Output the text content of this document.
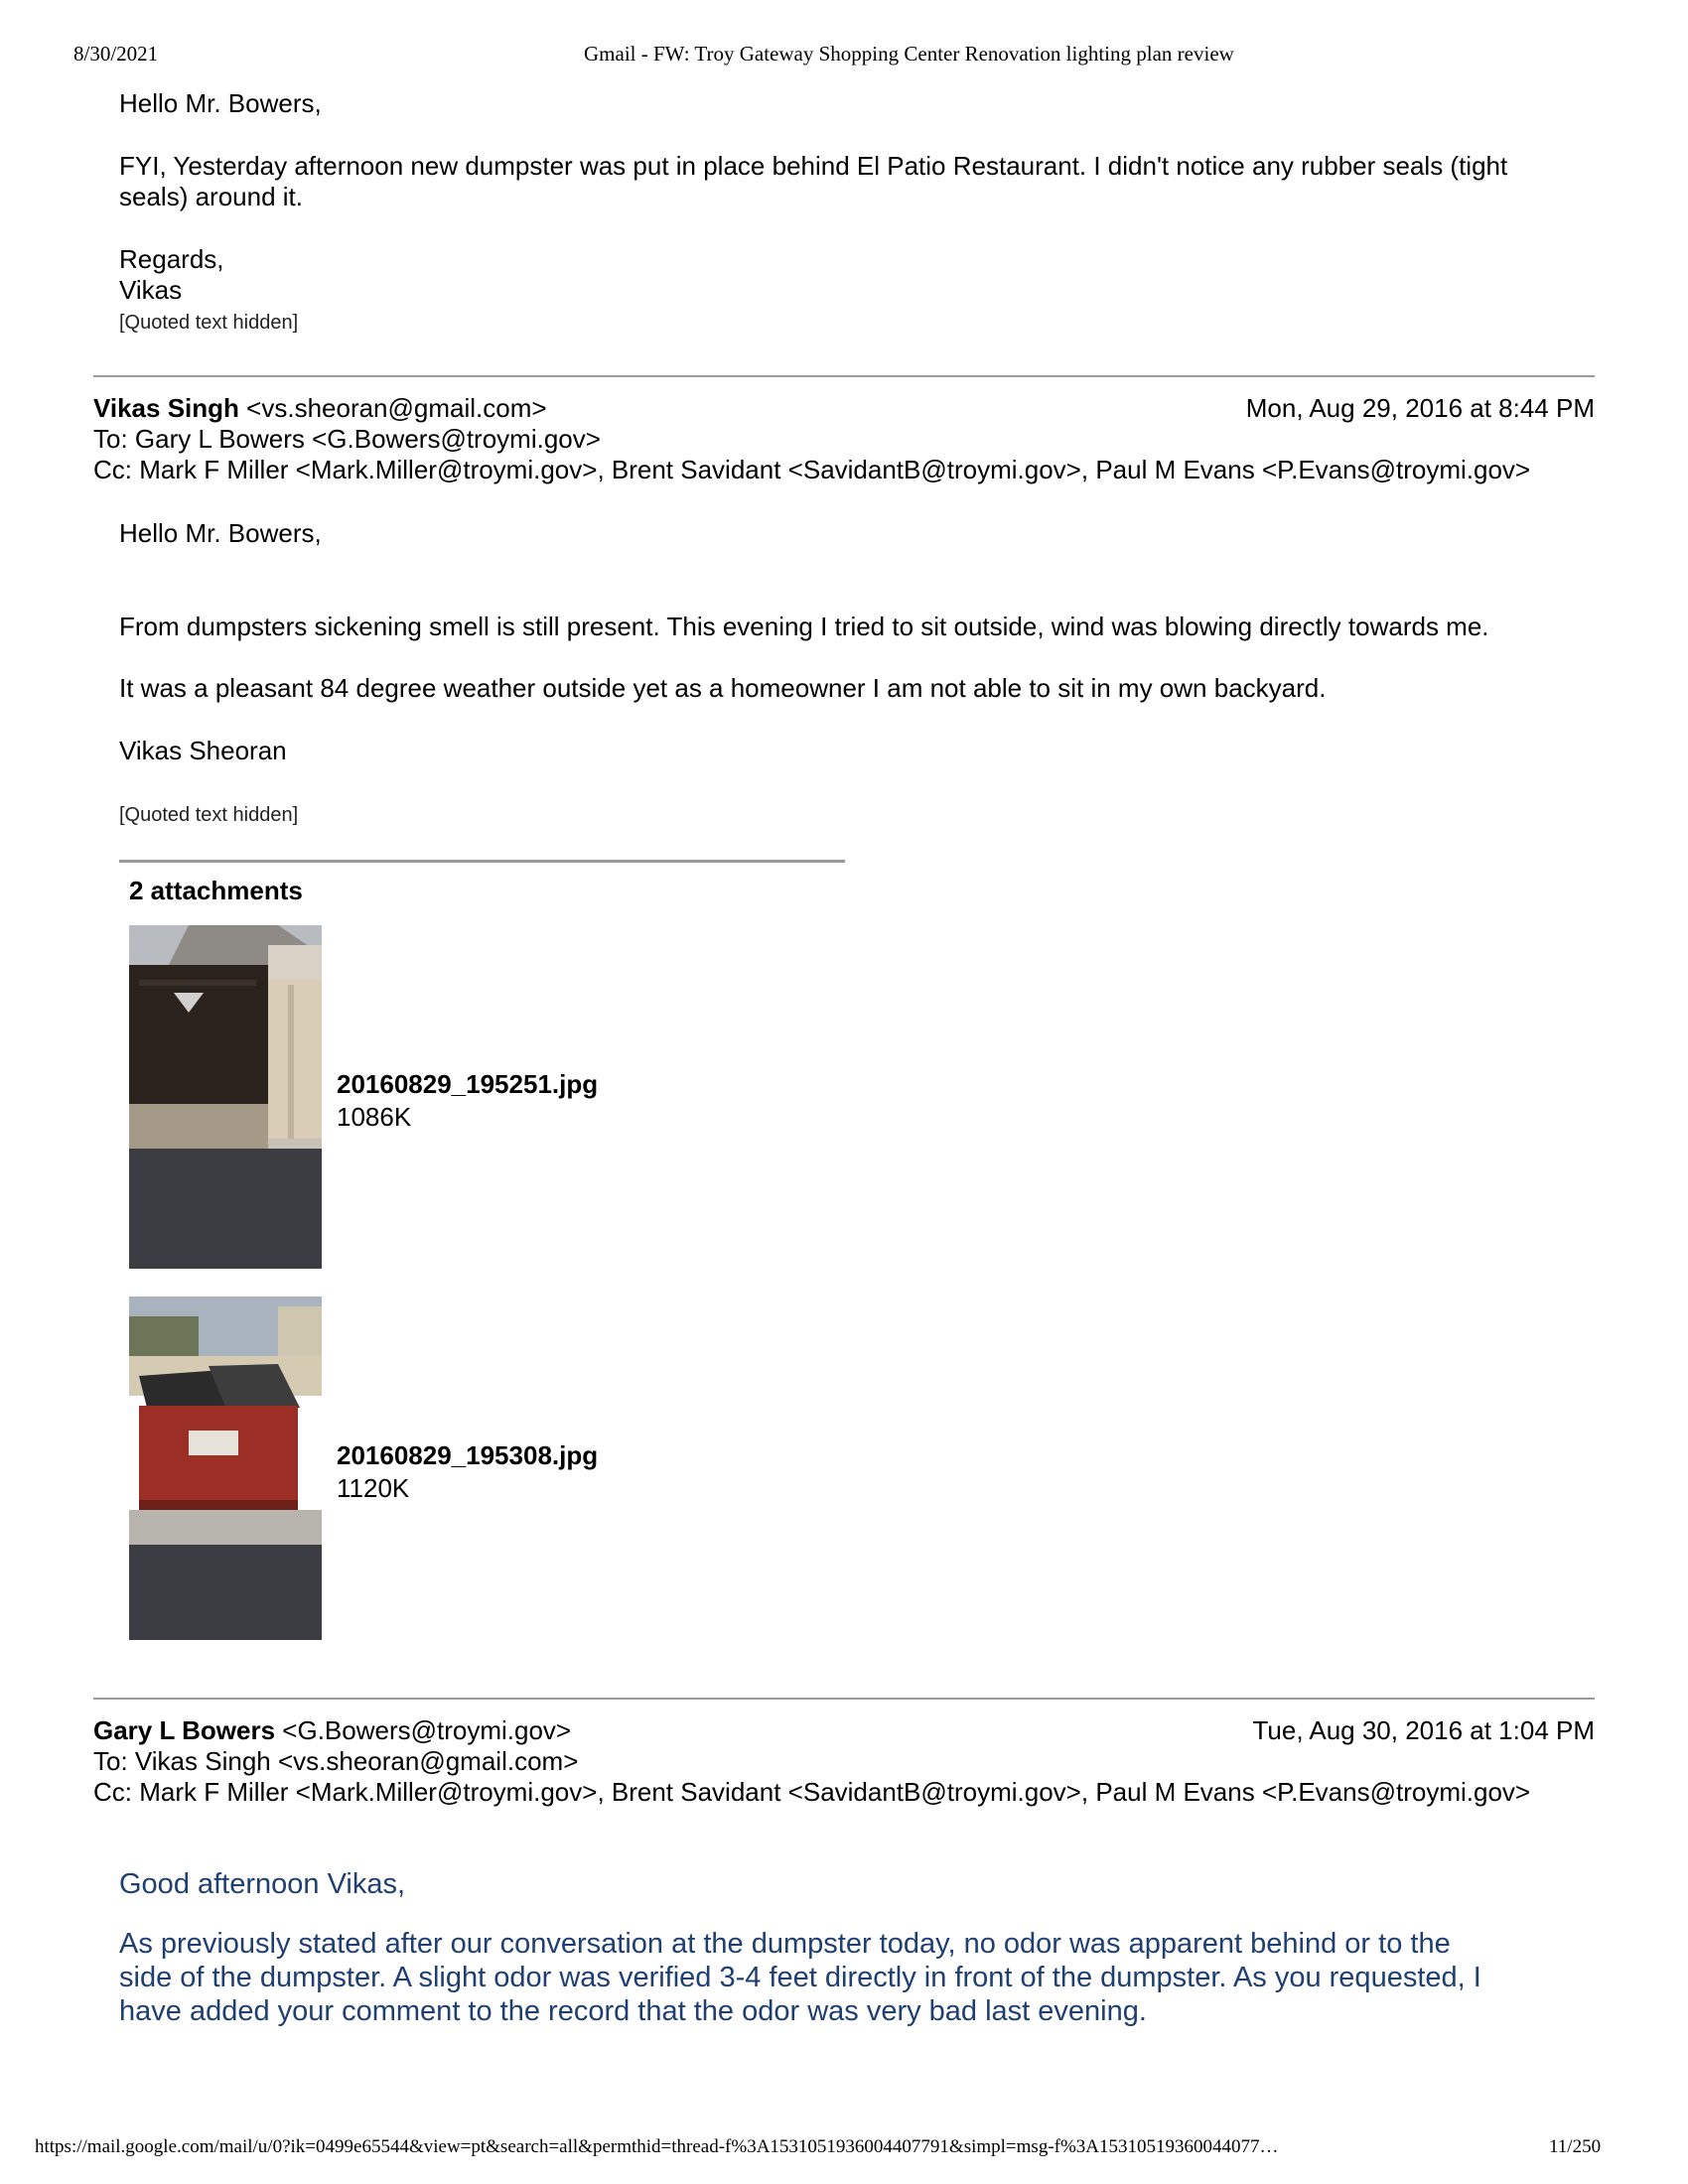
8/30/2021	Gmail - FW: Troy Gateway Shopping Center Renovation lighting plan review
Hello Mr. Bowers,
FYI, Yesterday afternoon new dumpster was put in place behind El Patio Restaurant. I didn't notice any rubber seals (tight
seals) around it.
Regards,
Vikas
[Quoted text hidden]
Vikas Singh <vs.sheoran@gmail.com>	Mon, Aug 29, 2016 at 8:44 PM
To: Gary L Bowers <G.Bowers@troymi.gov>
Cc: Mark F Miller <Mark.Miller@troymi.gov>, Brent Savidant <SavidantB@troymi.gov>, Paul M Evans <P.Evans@troymi.gov>
Hello Mr. Bowers,
From dumpsters sickening smell is still present. This evening I tried to sit outside, wind was blowing directly towards me.
It was a pleasant 84 degree weather outside yet as a homeowner I am not able to sit in my own backyard.
Vikas Sheoran
[Quoted text hidden]
2 attachments
20160829_195251.jpg
1086K
20160829_195308.jpg
1120K
Gary L Bowers <G.Bowers@troymi.gov>	Tue, Aug 30, 2016 at 1:04 PM
To: Vikas Singh <vs.sheoran@gmail.com>
Cc: Mark F Miller <Mark.Miller@troymi.gov>, Brent Savidant <SavidantB@troymi.gov>, Paul M Evans <P.Evans@troymi.gov>
Good afternoon Vikas,
As previously stated after our conversation at the dumpster today, no odor was apparent behind or to the
side of the dumpster. A slight odor was verified 3-4 feet directly in front of the dumpster. As you requested, I
have added your comment to the record that the odor was very bad last evening.
https://mail.google.com/mail/u/0?ik=0499e65544&view=pt&search=all&permthid=thread-f%3A1531051936004407791&simpl=msg-f%3A15310519360044077…	11/250
